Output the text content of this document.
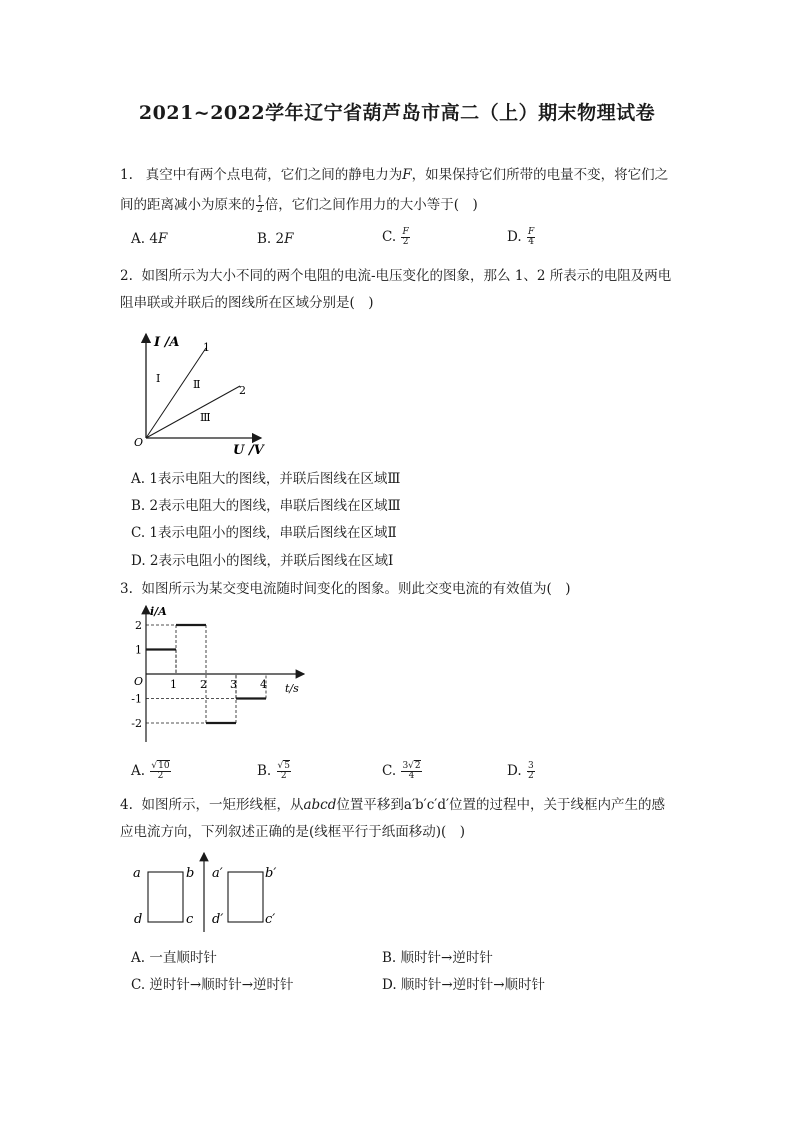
2021~2022学年辽宁省葫芦岛市高二（上）期末物理试卷
1. 真空中有两个点电荷，它们之间的静电力为F，如果保持它们所带的电量不变，将它们之
间的距离减小为原来的 $\frac{1}{2}$ 倍，它们之间作用力的大小等于(　)
A. 4F	B. 2F	C. $\frac{F}{2}$	D. $\frac{F}{4}$
2. 如图所示为大小不同的两个电阻的电流-电压变化的图象，那么 1、2 所表示的电阻及两电
阻串联或并联后的图线所在区域分别是(　)
I /A
U /V
O
1
2
Ⅰ	Ⅱ
Ⅲ
A. 1表示电阻大的图线，并联后图线在区域Ⅲ
B. 2表示电阻大的图线，串联后图线在区域Ⅲ
C. 1表示电阻小的图线，串联后图线在区域Ⅱ
D. 2表示电阻小的图线，并联后图线在区域Ⅰ
3. 如图所示为某交变电流随时间变化的图象。则此交变电流的有效值为(　)
2
1
-1
-2
1 2 3 4
i/A
t/s
O
A. $\frac{√10}{2}$	B. $\frac{√5}{2}$	C. $\frac{3√2}{4}$	D. $\frac{3}{2}$
4. 如图所示，一矩形线框，从abcd位置平移到a′b′c′d′位置的过程中，关于线框内产生的感
应电流方向，下列叙述正确的是(线框平行于纸面移动)(　)
a	b
c
d
a′	b′
c′
d′
A. 一直顺时针	B. 顺时针→逆时针
C. 逆时针→顺时针→逆时针	D. 顺时针→逆时针→顺时针
